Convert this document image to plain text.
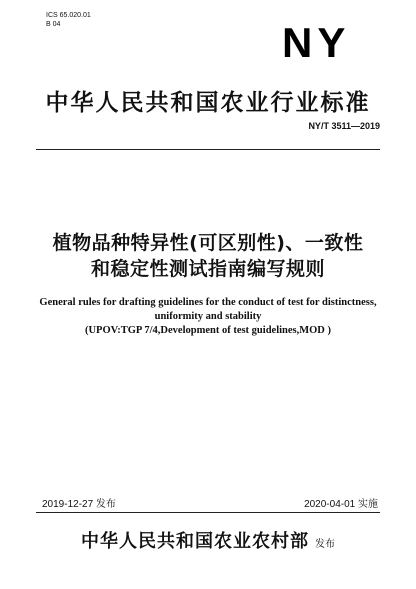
ICS 65.020.01
B 04	NY
中华人民共和国农业行业标准
NY/T 3511—2019
植物品种特异性(可区别性)、一致性
和稳定性测试指南编写规则
General rules for drafting guidelines for the conduct of test for distinctness,
uniformity and stability
(UPOV:TGP 7/4,Development of test guidelines,MOD )
2019-12-27 发布	2020-04-01 实施
中华人民共和国农业农村部 发布
